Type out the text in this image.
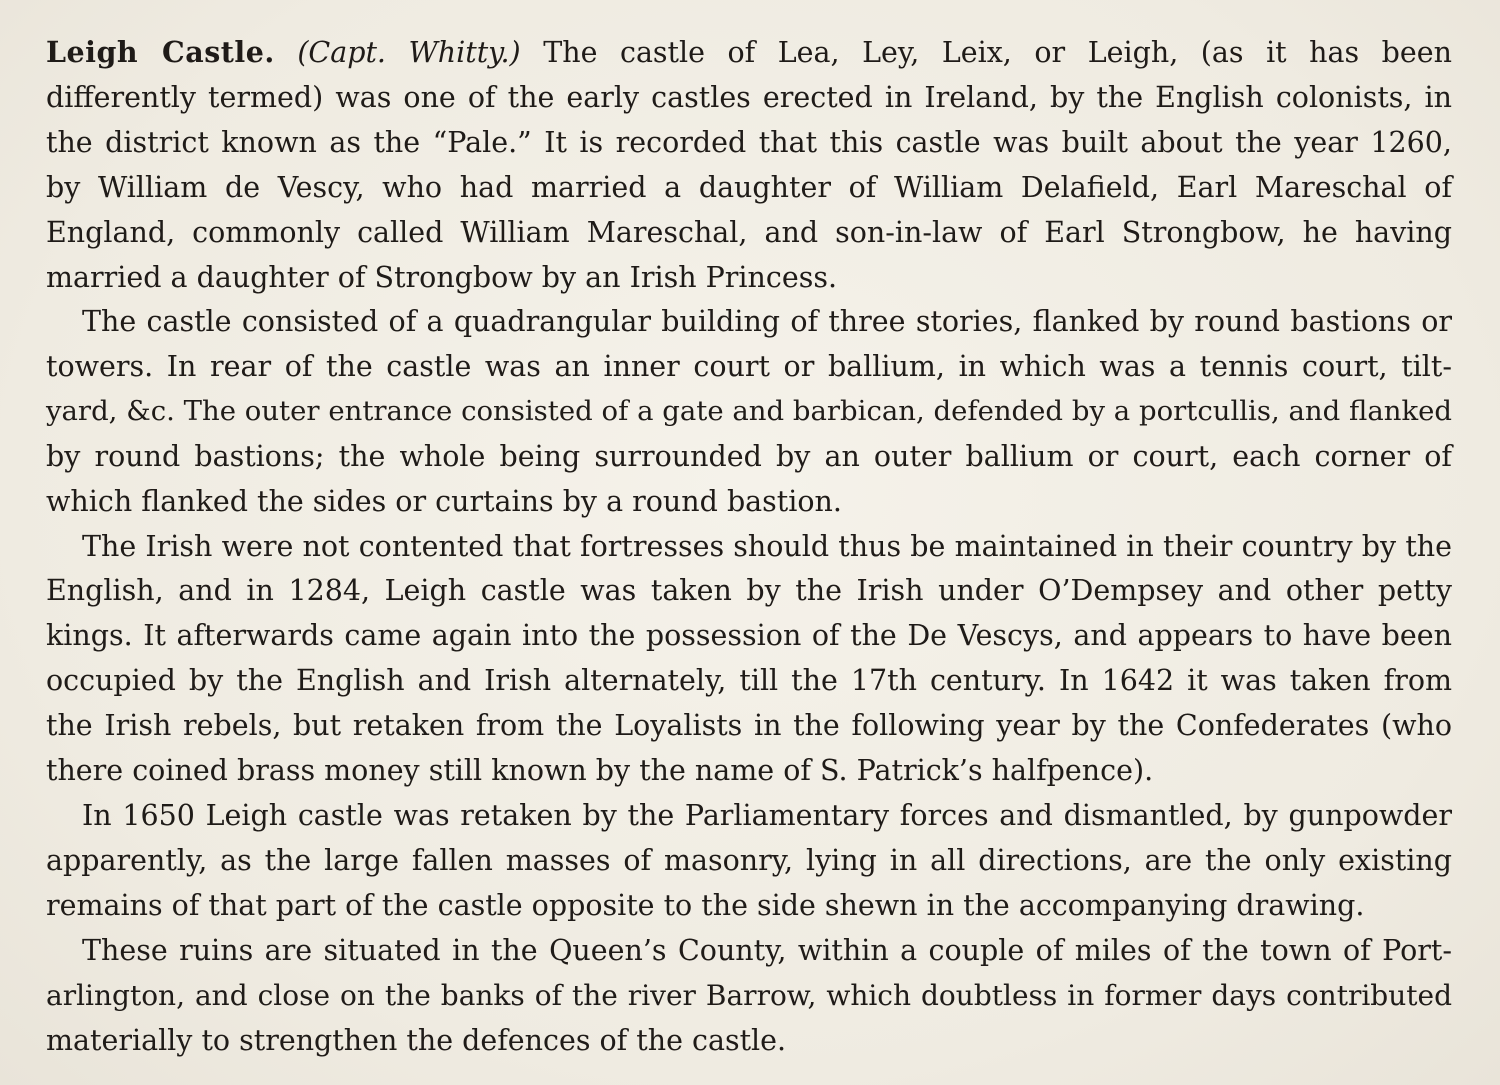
Leigh Castle. (Capt. Whitty.) The castle of Lea, Ley, Leix, or Leigh, (as it has been
differently termed) was one of the early castles erected in Ireland, by the English colonists, in
the district known as the “Pale.” It is recorded that this castle was built about the year 1260,
by William de Vescy, who had married a daughter of William Delafield, Earl Mareschal of
England, commonly called William Mareschal, and son-in-law of Earl Strongbow, he having
married a daughter of Strongbow by an Irish Princess.
The castle consisted of a quadrangular building of three stories, flanked by round bastions or
towers. In rear of the castle was an inner court or ballium, in which was a tennis court, tilt-
yard, &c. The outer entrance consisted of a gate and barbican, defended by a portcullis, and flanked
by round bastions; the whole being surrounded by an outer ballium or court, each corner of
which flanked the sides or curtains by a round bastion.
The Irish were not contented that fortresses should thus be maintained in their country by the
English, and in 1284, Leigh castle was taken by the Irish under O’Dempsey and other petty
kings. It afterwards came again into the possession of the De Vescys, and appears to have been
occupied by the English and Irish alternately, till the 17th century. In 1642 it was taken from
the Irish rebels, but retaken from the Loyalists in the following year by the Confederates (who
there coined brass money still known by the name of S. Patrick’s halfpence).
In 1650 Leigh castle was retaken by the Parliamentary forces and dismantled, by gunpowder
apparently, as the large fallen masses of masonry, lying in all directions, are the only existing
remains of that part of the castle opposite to the side shewn in the accompanying drawing.
These ruins are situated in the Queen’s County, within a couple of miles of the town of Port-
arlington, and close on the banks of the river Barrow, which doubtless in former days contributed
materially to strengthen the defences of the castle.
